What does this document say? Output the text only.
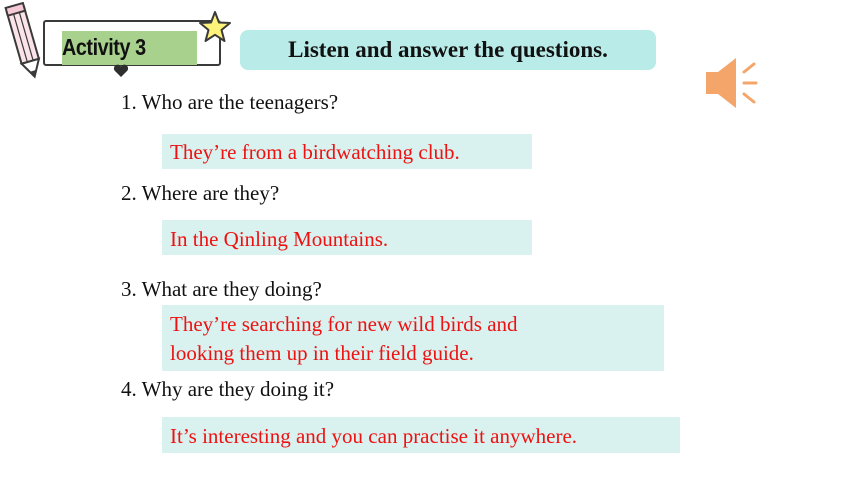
Activity 3	Listen and answer the questions.
1. Who are the teenagers?
They’re from a birdwatching club.
2. Where are they?
In the Qinling Mountains.
3. What are they doing?
They’re searching for new wild birds and
looking them up in their field guide.
4. Why are they doing it?
It’s interesting and you can practise it anywhere.
